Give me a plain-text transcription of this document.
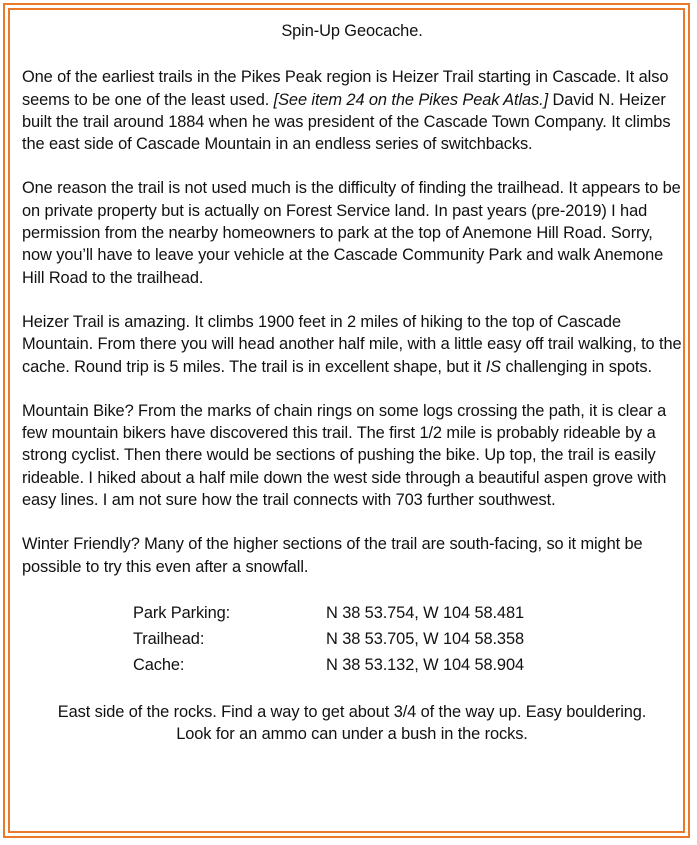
Spin-Up Geocache.
One of the earliest trails in the Pikes Peak region is Heizer Trail starting in Cascade. It also seems to be one of the least used. [See item 24 on the Pikes Peak Atlas.] David N. Heizer built the trail around 1884 when he was president of the Cascade Town Company. It climbs the east side of Cascade Mountain in an endless series of switchbacks.
One reason the trail is not used much is the difficulty of finding the trailhead. It appears to be on private property but is actually on Forest Service land. In past years (pre-2019) I had permission from the nearby homeowners to park at the top of Anemone Hill Road. Sorry, now you’ll have to leave your vehicle at the Cascade Community Park and walk Anemone Hill Road to the trailhead.
Heizer Trail is amazing. It climbs 1900 feet in 2 miles of hiking to the top of Cascade Mountain. From there you will head another half mile, with a little easy off trail walking, to the cache. Round trip is 5 miles. The trail is in excellent shape, but it IS challenging in spots.
Mountain Bike? From the marks of chain rings on some logs crossing the path, it is clear a few mountain bikers have discovered this trail. The first 1/2 mile is probably rideable by a strong cyclist. Then there would be sections of pushing the bike. Up top, the trail is easily rideable. I hiked about a half mile down the west side through a beautiful aspen grove with easy lines. I am not sure how the trail connects with 703 further southwest.
Winter Friendly? Many of the higher sections of the trail are south-facing, so it might be possible to try this even after a snowfall.
Park Parking:	N 38 53.754, W 104 58.481
Trailhead:	N 38 53.705, W 104 58.358
Cache:	N 38 53.132, W 104 58.904
East side of the rocks. Find a way to get about 3/4 of the way up. Easy bouldering.
Look for an ammo can under a bush in the rocks.
